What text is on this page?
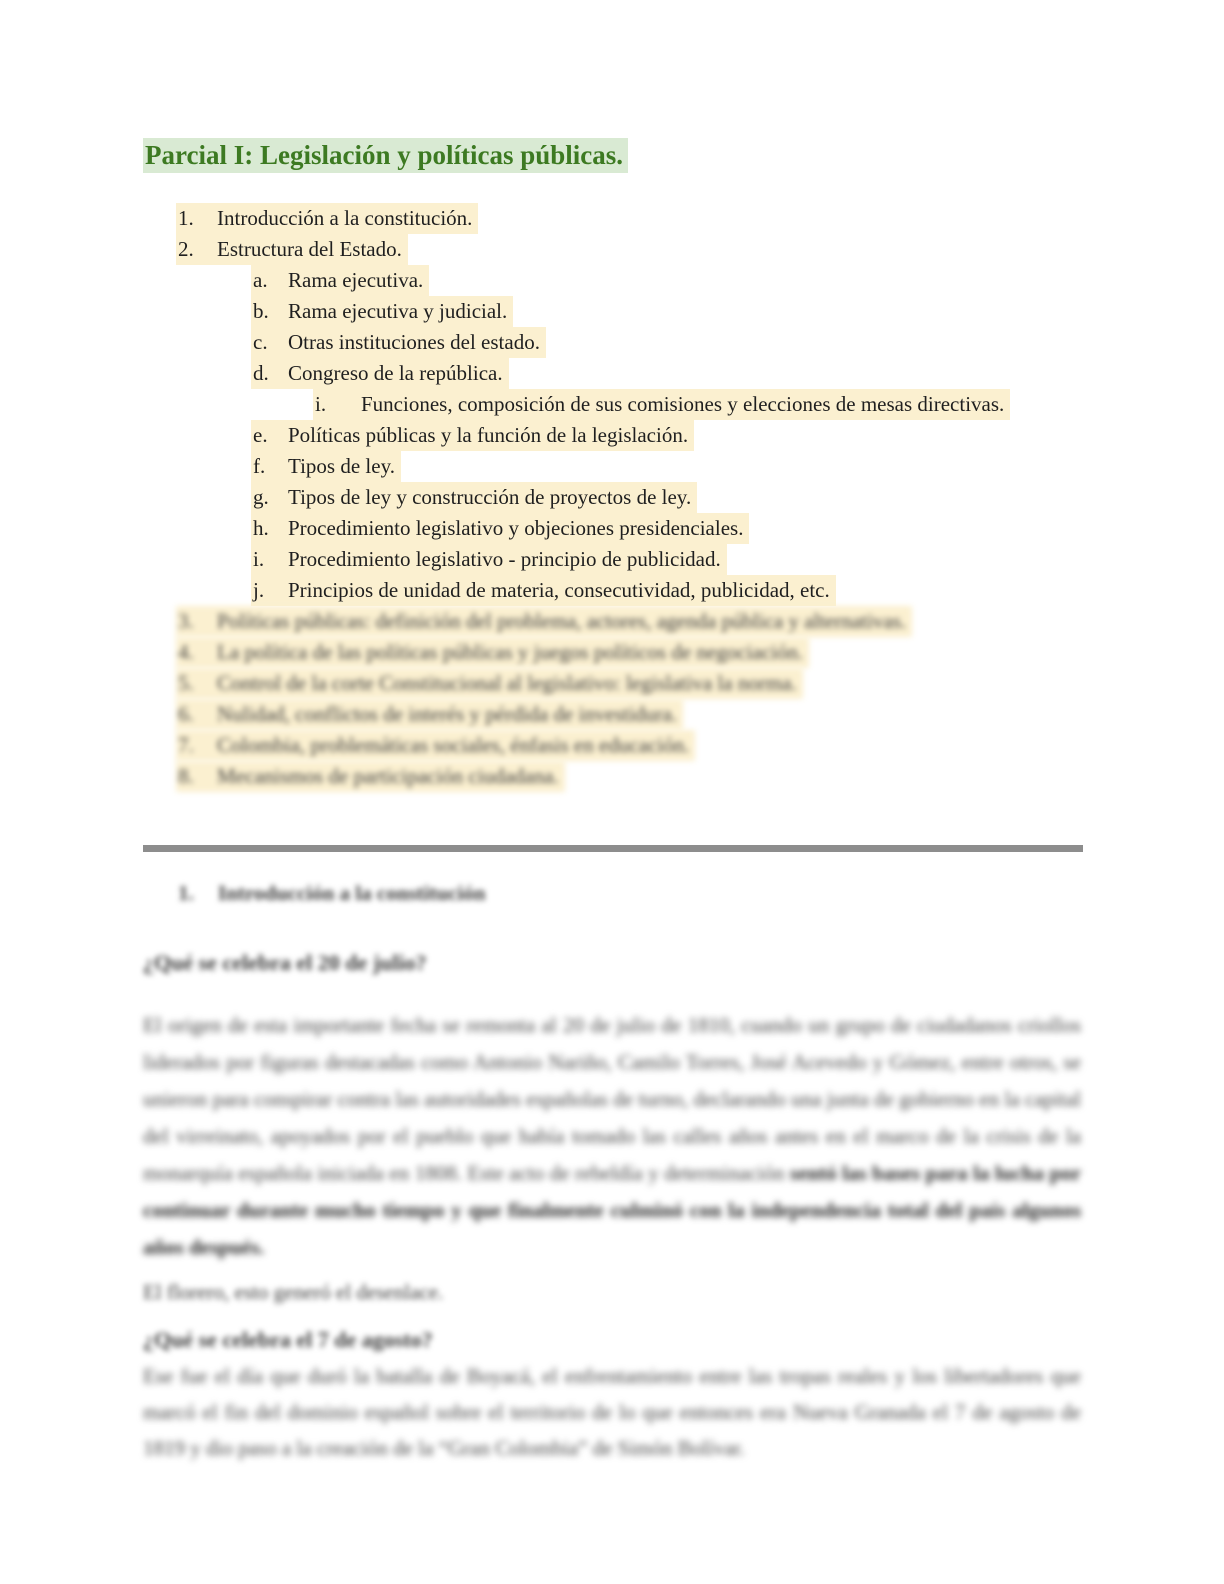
Parcial I: Legislación y políticas públicas.
1. Introducción a la constitución.
2. Estructura del Estado.
a. Rama ejecutiva.
b. Rama ejecutiva y judicial.
c. Otras instituciones del estado.
d. Congreso de la república.
i. Funciones, composición de sus comisiones y elecciones de mesas directivas.
e. Políticas públicas y la función de la legislación.
f. Tipos de ley.
g. Tipos de ley y construcción de proyectos de ley.
h. Procedimiento legislativo y objeciones presidenciales.
i. Procedimiento legislativo - principio de publicidad.
j. Principios de unidad de materia, consecutividad, publicidad, etc.
3. Políticas públicas: definición del problema, actores, agenda pública y alternativas.
4. La política de las políticas públicas y juegos políticos de negociación.
5. Control de la corte Constitucional al legislativo: legislativa la norma.
6. Nulidad, conflictos de interés y pérdida de investidura.
7. Colombia, problemáticas sociales, énfasis en educación.
8. Mecanismos de participación ciudadana.
1. Introducción a la constitución

¿Qué se celebra el 20 de julio?

El origen de esta importante fecha se remonta al 20 de julio de 1810, cuando un grupo de ciudadanos criollos liderados por figuras destacadas como Antonio Nariño, Camilo Torres, José Acevedo y Gómez, entre otros, se unieron para conspirar contra las autoridades españolas de turno, declarando una junta de gobierno en la capital del virreinato, apoyados por el pueblo que había tomado las calles años antes en el marco de la crisis de la monarquía española iniciada en 1808. Este acto de rebeldía y determinación sentó las bases para la lucha por continuar durante mucho tiempo y que finalmente culminó con la independencia total del país algunos años después.

El florero, esto generó el desenlace.

¿Qué se celebra el 7 de agosto?

Ese fue el día que duró la batalla de Boyacá, el enfrentamiento entre las tropas reales y los libertadores que marcó el fin del dominio español sobre el territorio de lo que entonces era Nueva Granada el 7 de agosto de 1819 y dio paso a la creación de la “Gran Colombia” de Simón Bolívar.
